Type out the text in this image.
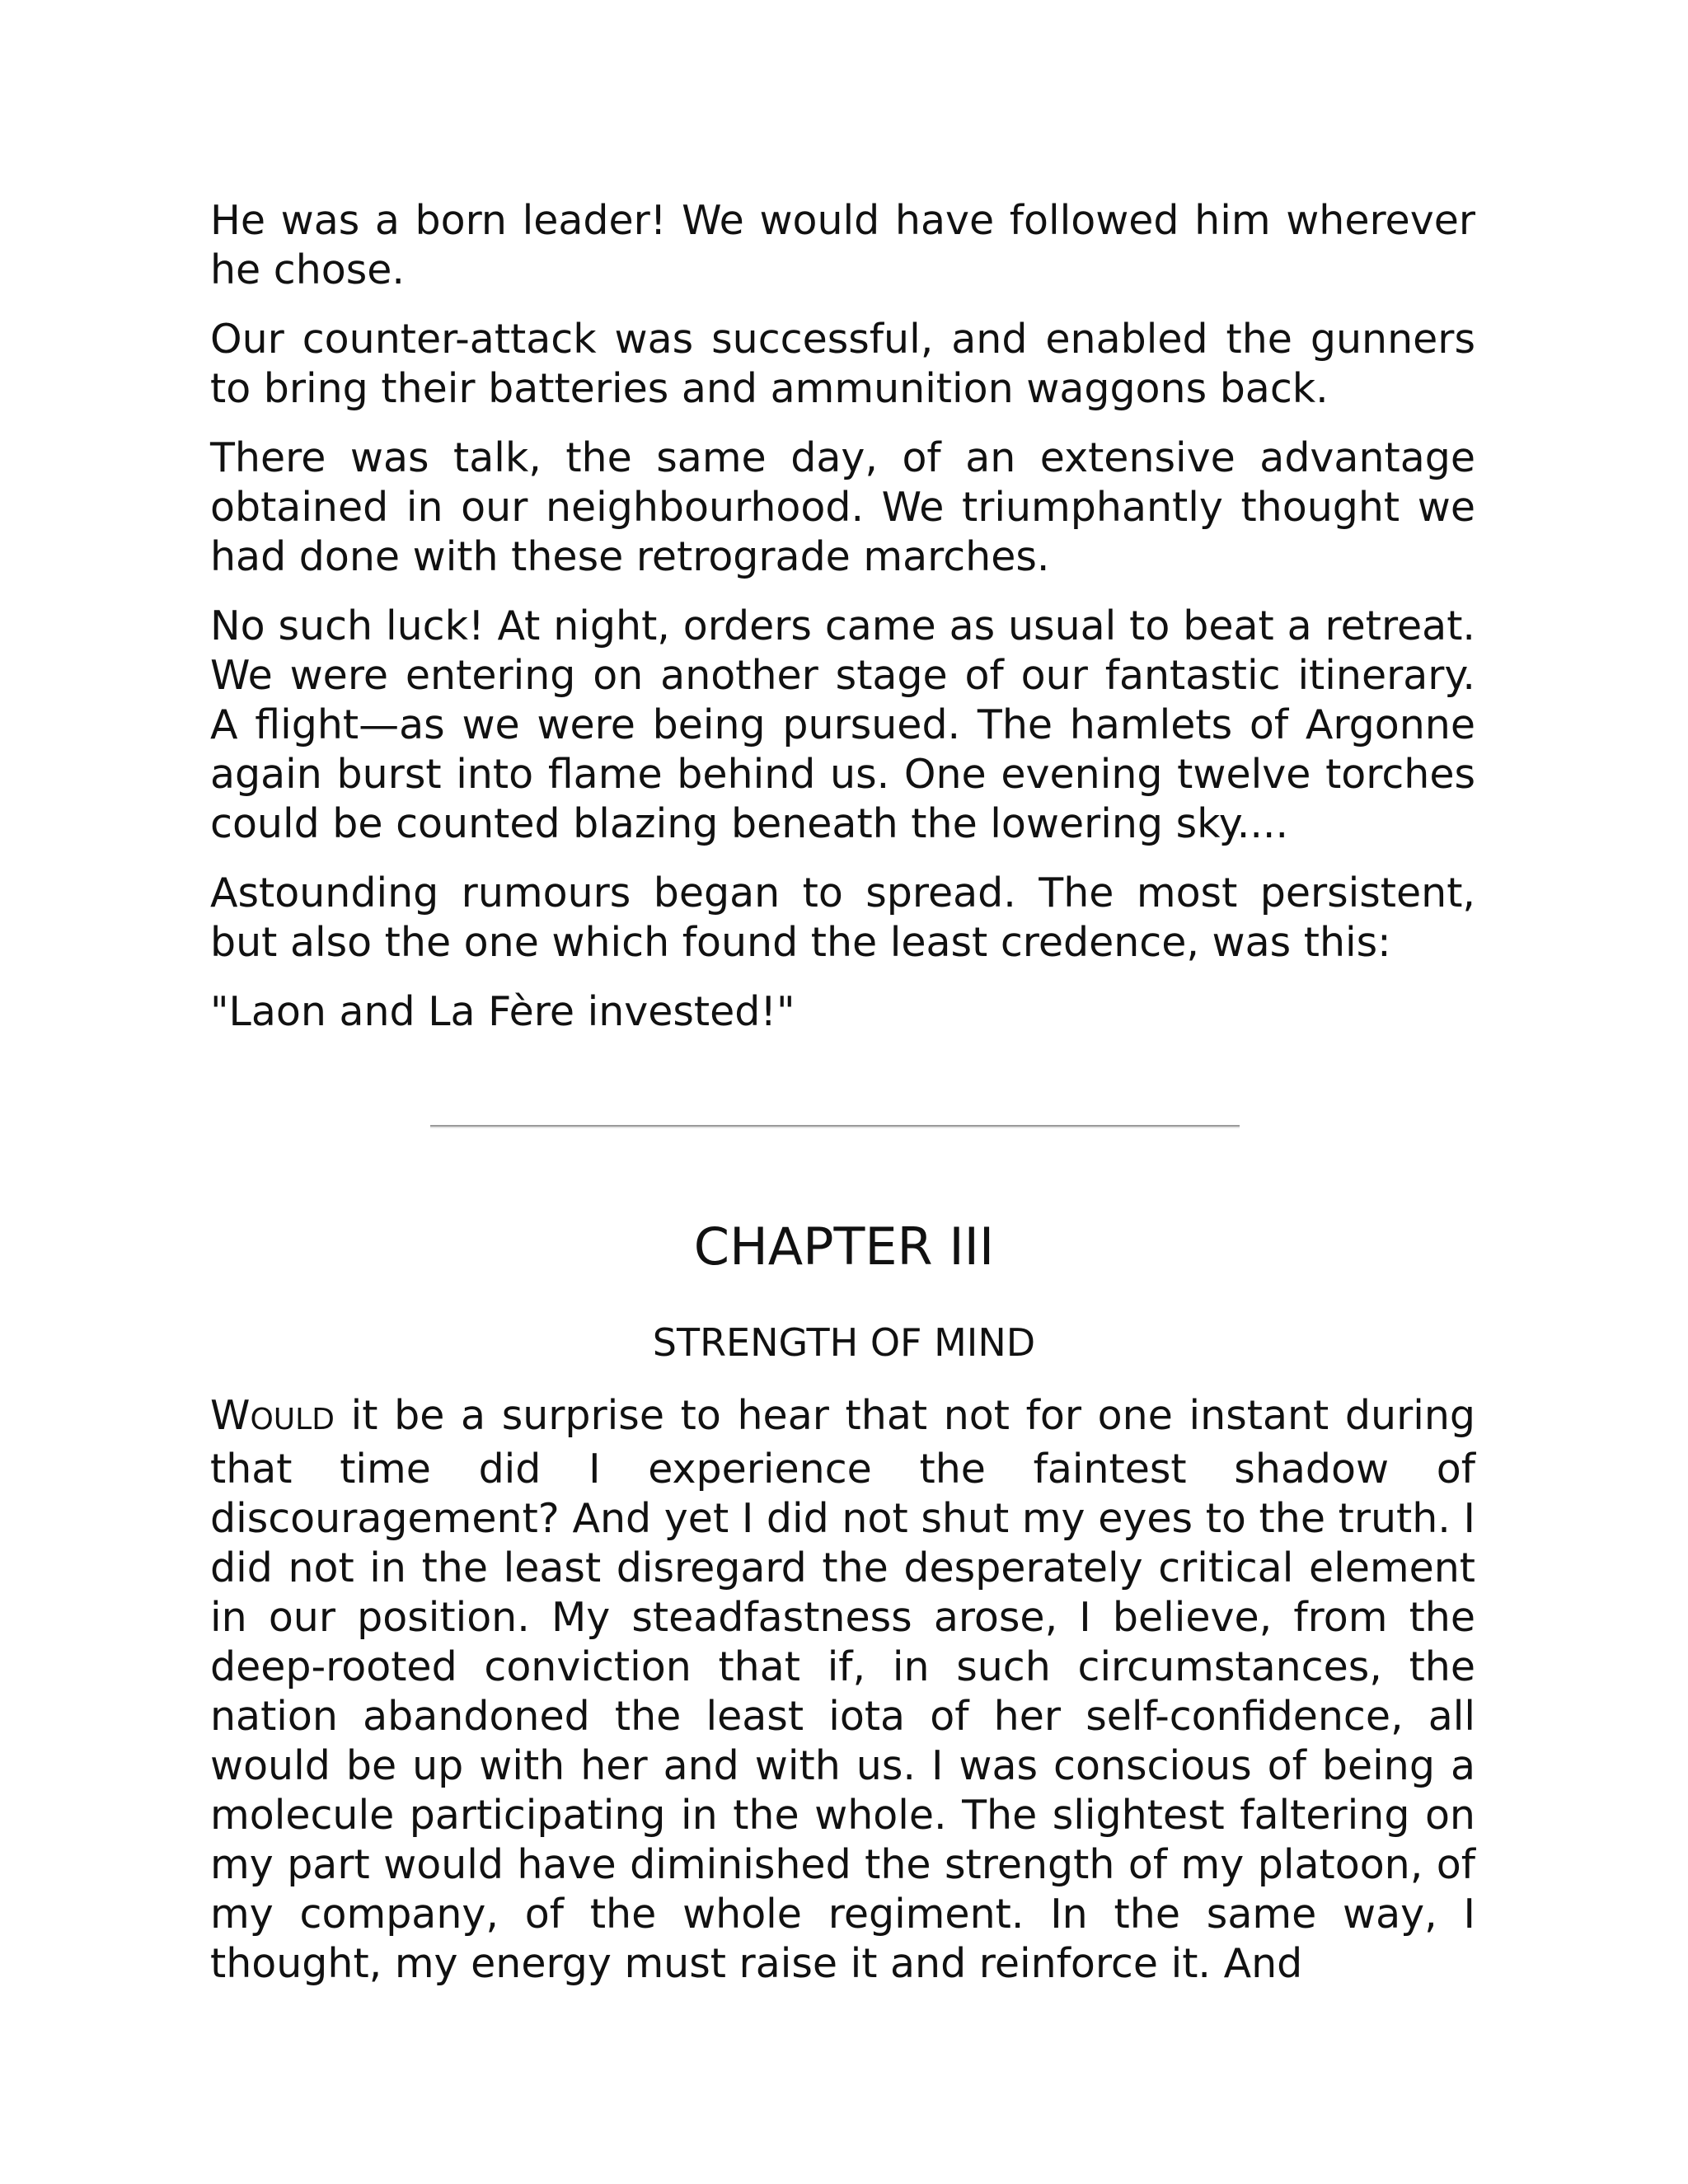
He was a born leader! We would have followed him wherever he chose.

Our counter-attack was successful, and enabled the gunners to bring their batteries and ammunition waggons back.

There was talk, the same day, of an extensive advantage obtained in our neighbourhood. We triumphantly thought we had done with these retrograde marches.

No such luck! At night, orders came as usual to beat a retreat. We were entering on another stage of our fantastic itinerary. A flight—as we were being pursued. The hamlets of Argonne again burst into flame behind us. One evening twelve torches could be counted blazing beneath the lowering sky....

Astounding rumours began to spread. The most persistent, but also the one which found the least credence, was this:

"Laon and La Fère invested!"

CHAPTER III
STRENGTH OF MIND

WOULD it be a surprise to hear that not for one instant during that time did I experience the faintest shadow of discouragement? And yet I did not shut my eyes to the truth. I did not in the least disregard the desperately critical element in our position. My steadfastness arose, I believe, from the deep-rooted conviction that if, in such circumstances, the nation abandoned the least iota of her self-confidence, all would be up with her and with us. I was conscious of being a molecule participating in the whole. The slightest faltering on my part would have diminished the strength of my platoon, of my company, of the whole regiment. In the same way, I thought, my energy must raise it and reinforce it. And
